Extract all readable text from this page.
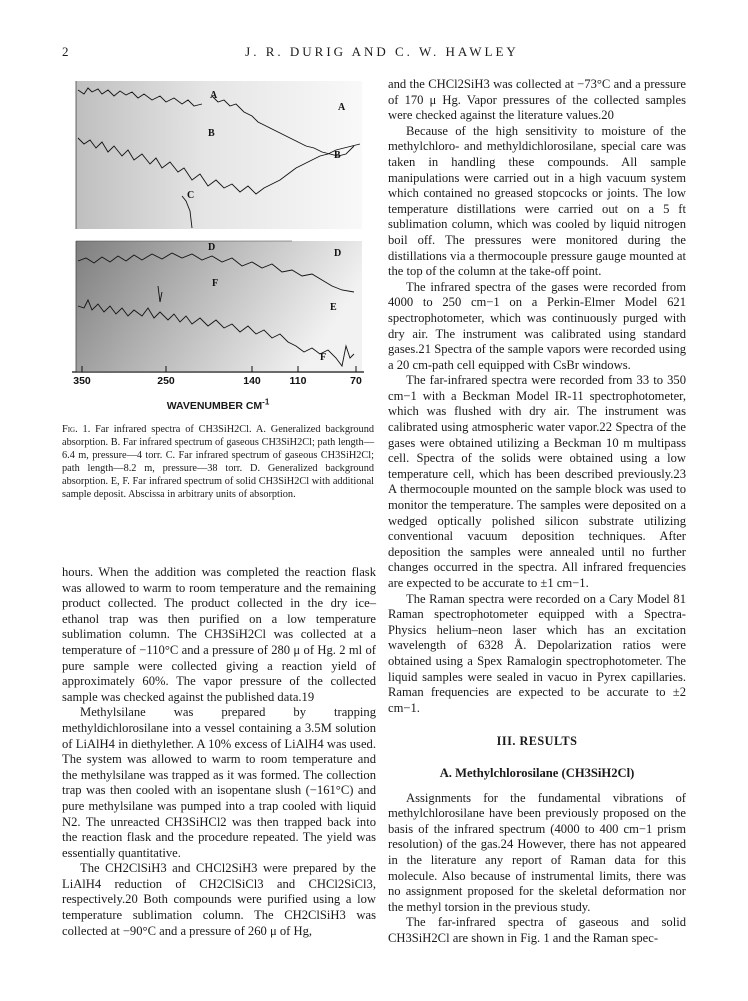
2	J. R. DURIG AND C. W. HAWLEY
A
B
C
A
B
D
F
D
E
F
350	250	140	110	70
WAVENUMBER $CM^{-1}$
Fig. 1. Far infrared spectra of CH3SiH2Cl. A. Generalized background absorption. B. Far infrared spectrum of gaseous CH3SiH2Cl; path length—6.4 m, pressure—4 torr. C. Far infrared spectrum of gaseous CH3SiH2Cl; path length—8.2 m, pressure—38 torr. D. Generalized background absorption. E, F. Far infrared spectrum of solid CH3SiH2Cl with additional sample deposit. Abscissa in arbitrary units of absorption.

hours. When the addition was completed the reaction flask was allowed to warm to room temperature and the remaining product collected. The product collected in the dry ice–ethanol trap was then purified on a low temperature sublimation column. The CH3SiH2Cl was collected at a temperature of −110°C and a pressure of 280 μ of Hg. 2 ml of pure sample were collected giving a reaction yield of approximately 60%. The vapor pressure of the collected sample was checked against the published data.19

Methylsilane was prepared by trapping methyldichlorosilane into a vessel containing a 3.5M solution of LiAlH4 in diethylether. A 10% excess of LiAlH4 was used. The system was allowed to warm to room temperature and the methylsilane was trapped as it was formed. The collection trap was then cooled with an isopentane slush (−161°C) and pure methylsilane was pumped into a trap cooled with liquid N2. The unreacted CH3SiHCl2 was then trapped back into the reaction flask and the procedure repeated. The yield was essentially quantitative.

The CH2ClSiH3 and CHCl2SiH3 were prepared by the LiAlH4 reduction of CH2ClSiCl3 and CHCl2SiCl3, respectively.20 Both compounds were purified using a low temperature sublimation column. The CH2ClSiH3 was collected at −90°C and a pressure of 260 μ of Hg,

and the CHCl2SiH3 was collected at −73°C and a pressure of 170 μ Hg. Vapor pressures of the collected samples were checked against the literature values.20

Because of the high sensitivity to moisture of the methylchloro- and methyldichlorosilane, special care was taken in handling these compounds. All sample manipulations were carried out in a high vacuum system which contained no greased stopcocks or joints. The low temperature distillations were carried out on a 5 ft sublimation column, which was cooled by liquid nitrogen boil off. The pressures were monitored during the distillations via a thermocouple pressure gauge mounted at the top of the column at the take-off point.

The infrared spectra of the gases were recorded from 4000 to 250 cm−1 on a Perkin-Elmer Model 621 spectrophotometer, which was continuously purged with dry air. The instrument was calibrated using standard gases.21 Spectra of the sample vapors were recorded using a 20 cm-path cell equipped with CsBr windows.

The far-infrared spectra were recorded from 33 to 350 cm−1 with a Beckman Model IR-11 spectrophotometer, which was flushed with dry air. The instrument was calibrated using atmospheric water vapor.22 Spectra of the gases were obtained utilizing a Beckman 10 m multipass cell. Spectra of the solids were obtained using a low temperature cell, which has been described previously.23 A thermocouple mounted on the sample block was used to monitor the temperature. The samples were deposited on a wedged optically polished silicon substrate utilizing conventional vacuum deposition techniques. After deposition the samples were annealed until no further changes occurred in the spectra. All infrared frequencies are expected to be accurate to ±1 cm−1.

The Raman spectra were recorded on a Cary Model 81 Raman spectrophotometer equipped with a Spectra-Physics helium–neon laser which has an excitation wavelength of 6328 Å. Depolarization ratios were obtained using a Spex Ramalogin spectrophotometer. The liquid samples were sealed in vacuo in Pyrex capillaries. Raman frequencies are expected to be accurate to ±2 cm−1.

III. RESULTS
A. Methylchlorosilane (CH3SiH2Cl)

Assignments for the fundamental vibrations of methylchlorosilane have been previously proposed on the basis of the infrared spectrum (4000 to 400 cm−1 prism resolution) of the gas.24 However, there has not appeared in the literature any report of Raman data for this molecule. Also because of instrumental limits, there was no assignment proposed for the skeletal deformation nor the methyl torsion in the previous study.

The far-infrared spectra of gaseous and solid CH3SiH2Cl are shown in Fig. 1 and the Raman spec-
